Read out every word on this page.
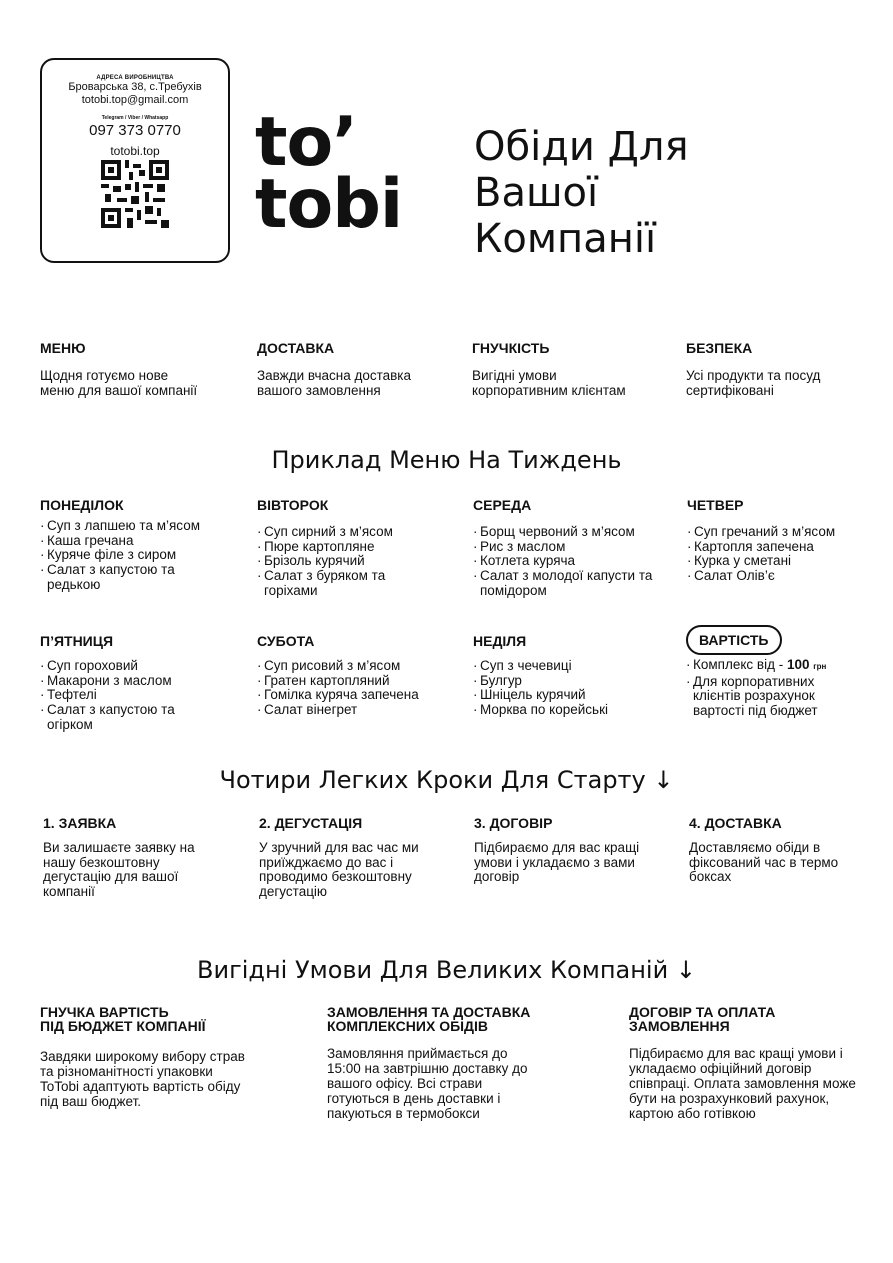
АДРЕСА ВИРОБНИЦТВА
Броварська 38, с.Требухів
totobi.top@gmail.com
Telegram / Viber / Whatsapp
097 373 0770
totobi.top	to’
tobi
Обіди Для
Вашої
Компанії
МЕНЮ
Щодня готуємо нове
меню для вашої компанії
ДОСТАВКА
Завжди вчасна доставка
вашого замовлення
ГНУЧКІСТЬ
Вигідні умови
корпоративним клієнтам
БЕЗПЕКА
Усі продукти та посуд
сертифіковані
Приклад Меню На Тиждень
ПОНЕДІЛОК
· Суп з лапшею та м’ясом
· Каша гречана
· Куряче філе з сиром
· Салат з капустою та редькою
ВІВТОРОК
· Суп сирний з м’ясом
· Пюре картопляне
· Брізоль курячий
· Салат з буряком та горіхами
СЕРЕДА
· Борщ червоний з м’ясом
· Рис з маслом
· Котлета куряча
· Салат з молодої капусти та помідором
ЧЕТВЕР
· Суп гречаний з м’ясом
· Картопля запечена
· Курка у сметані
· Салат Олів’є
П’ЯТНИЦЯ
· Суп гороховий
· Макарони з маслом
· Тефтелі
· Салат з капустою та огірком
СУБОТА
· Суп рисовий з м’ясом
· Гратен картопляний
· Гомілка куряча запечена
· Салат вінегрет
НЕДІЛЯ
· Суп з чечевиці
· Булгур
· Шніцель курячий
· Морква по корейські
ВАРТІСТЬ
· Комплекс від - 100 грн
· Для корпоративних клієнтів розрахунок вартості під бюджет
Чотири Легких Кроки Для Старту ↓
1. ЗАЯВКА
Ви залишаєте заявку на нашу безкоштовну дегустацію для вашої компанії
2. ДЕГУСТАЦІЯ
У зручний для вас час ми приїжджаємо до вас і проводимо безкоштовну дегустацію
3. ДОГОВІР
Підбираємо для вас кращі умови і укладаємо з вами договір
4. ДОСТАВКА
Доставляємо обіди в фіксований час в термо боксах
Вигідні Умови Для Великих Компаній ↓
ГНУЧКА ВАРТІСТЬ
ПІД БЮДЖЕТ КОМПАНІЇ
Завдяки широкому вибору страв та різноманітності упаковки ToTobi адаптують вартість обіду під ваш бюджет.
ЗАМОВЛЕННЯ ТА ДОСТАВКА
КОМПЛЕКСНИХ ОБІДІВ
Замовляння приймається до 15:00 на завтрішню доставку до вашого офісу. Всі страви готуються в день доставки і пакуються в термобокси
ДОГОВІР ТА ОПЛАТА
ЗАМОВЛЕННЯ
Підбираємо для вас кращі умови і укладаємо офіційний договір співпраці. Оплата замовлення може бути на розрахунковий рахунок, картою або готівкою
